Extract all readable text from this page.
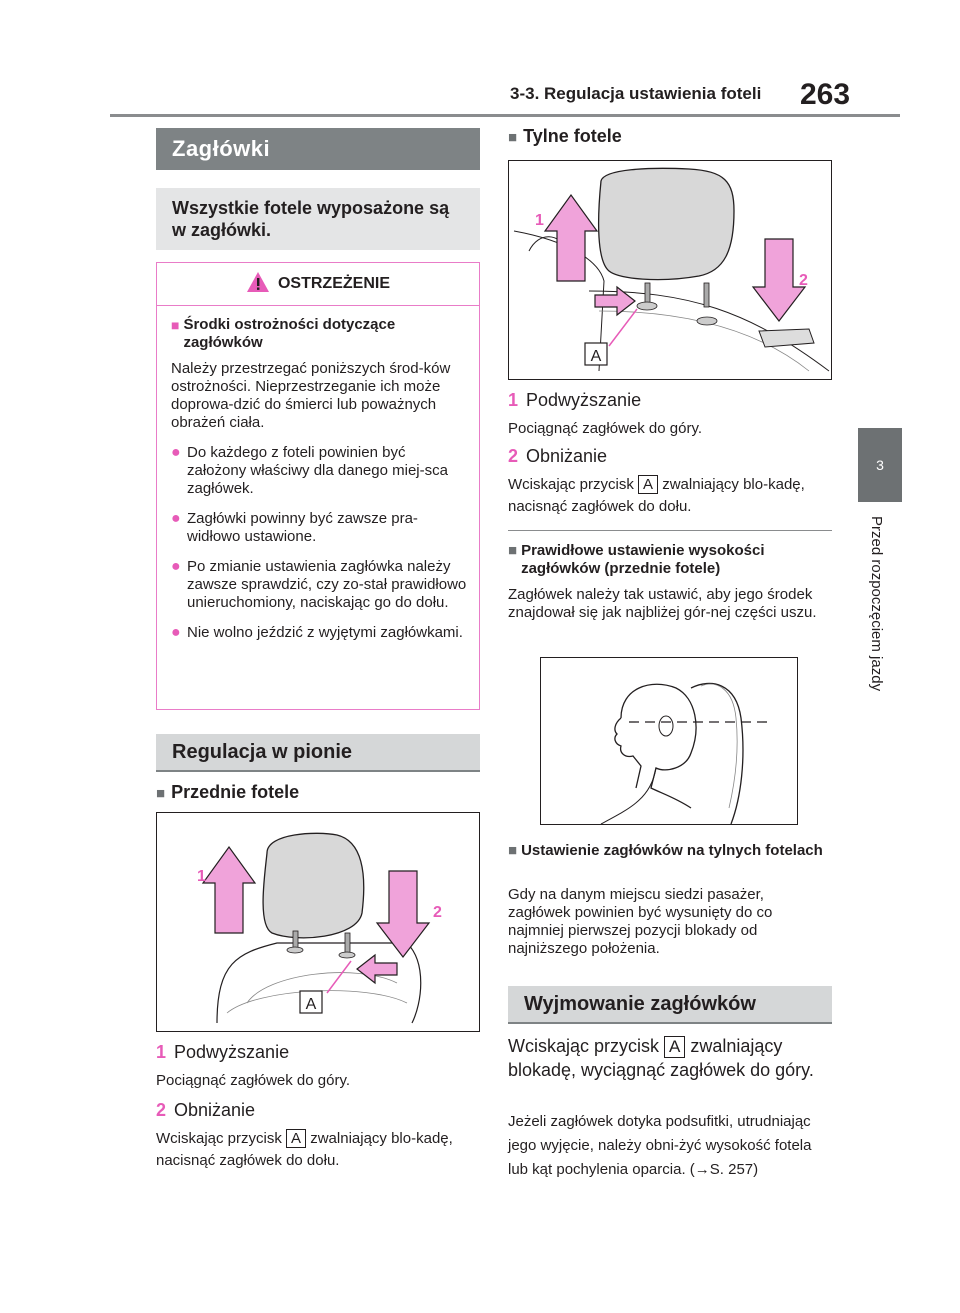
3-3. Regulacja ustawienia foteli 263
3
Przed rozpoczęciem jazdy
Zagłówki
Wszystkie fotele wyposażone są w zagłówki.
OSTRZEŻENIE
■ Środki ostrożności dotyczące zagłówków
Należy przestrzegać poniższych środ-ków ostrożności. Nieprzestrzeganie ich może doprowa-dzić do śmierci lub poważnych obrażeń ciała.
● Do każdego z foteli powinien być założony właściwy dla danego miej-sca zagłówek.
● Zagłówki powinny być zawsze pra-widłowo ustawione.
● Po zmianie ustawienia zagłówka należy zawsze sprawdzić, czy zo-stał prawidłowo unieruchomiony, naciskając go do dołu.
● Nie wolno jeździć z wyjętymi zagłówkami.
Regulacja w pionie
■ Przednie fotele
A
1
2
1 Podwyższanie
Pociągnąć zagłówek do góry.
2 Obniżanie
Wciskając przycisk A zwalniający blo-kadę, nacisnąć zagłówek do dołu.
■ Tylne fotele
A
1
2
1 Podwyższanie
Pociągnąć zagłówek do góry.
2 Obniżanie
Wciskając przycisk A zwalniający blo-kadę, nacisnąć zagłówek do dołu.
■ Prawidłowe ustawienie wysokości zagłówków (przednie fotele)
Zagłówek należy tak ustawić, aby jego środek znajdował się jak najbliżej gór-nej części uszu.
■ Ustawienie zagłówków na tylnych fotelach
Gdy na danym miejscu siedzi pasażer, zagłówek powinien być wysunięty do co najmniej pierwszej pozycji blokady od najniższego położenia.
Wyjmowanie zagłówków
Wciskając przycisk A zwalniający blokadę, wyciągnąć zagłówek do góry.
Jeżeli zagłówek dotyka podsufitki, utrudniając jego wyjęcie, należy obni-żyć wysokość fotela lub kąt pochylenia oparcia. (→S. 257)
